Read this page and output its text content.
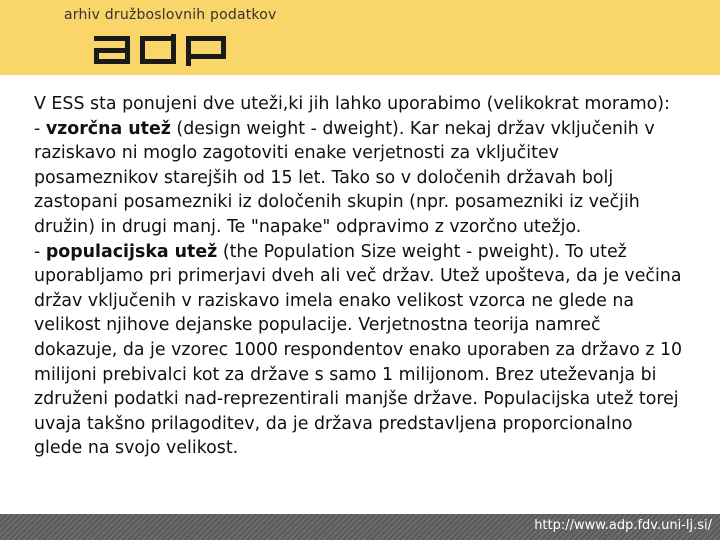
arhiv družboslovnih podatkov

V ESS sta ponujeni dve uteži,ki jih lahko uporabimo (velikokrat moramo):

- vzorčna utež (design weight - dweight). Kar nekaj držav vključenih v raziskavo ni moglo zagotoviti enake verjetnosti za vključitev posameznikov starejših od 15 let. Tako so v določenih državah bolj zastopani posamezniki iz določenih skupin (npr. posamezniki iz večjih družin) in drugi manj. Te "napake" odpravimo z vzorčno utežjo.

- populacijska utež (the Population Size weight - pweight). To utež uporabljamo pri primerjavi dveh ali več držav. Utež upošteva, da je večina držav vključenih v raziskavo imela enako velikost vzorca ne glede na velikost njihove dejanske populacije. Verjetnostna teorija namreč dokazuje, da je vzorec 1000 respondentov enako uporaben za državo z 10 milijoni prebivalci kot za države s samo 1 milijonom. Brez uteževanja bi združeni podatki nad-reprezentirali manjše države. Populacijska utež torej uvaja takšno prilagoditev, da je država predstavljena proporcionalno glede na svojo velikost.

http://www.adp.fdv.uni-lj.si/
